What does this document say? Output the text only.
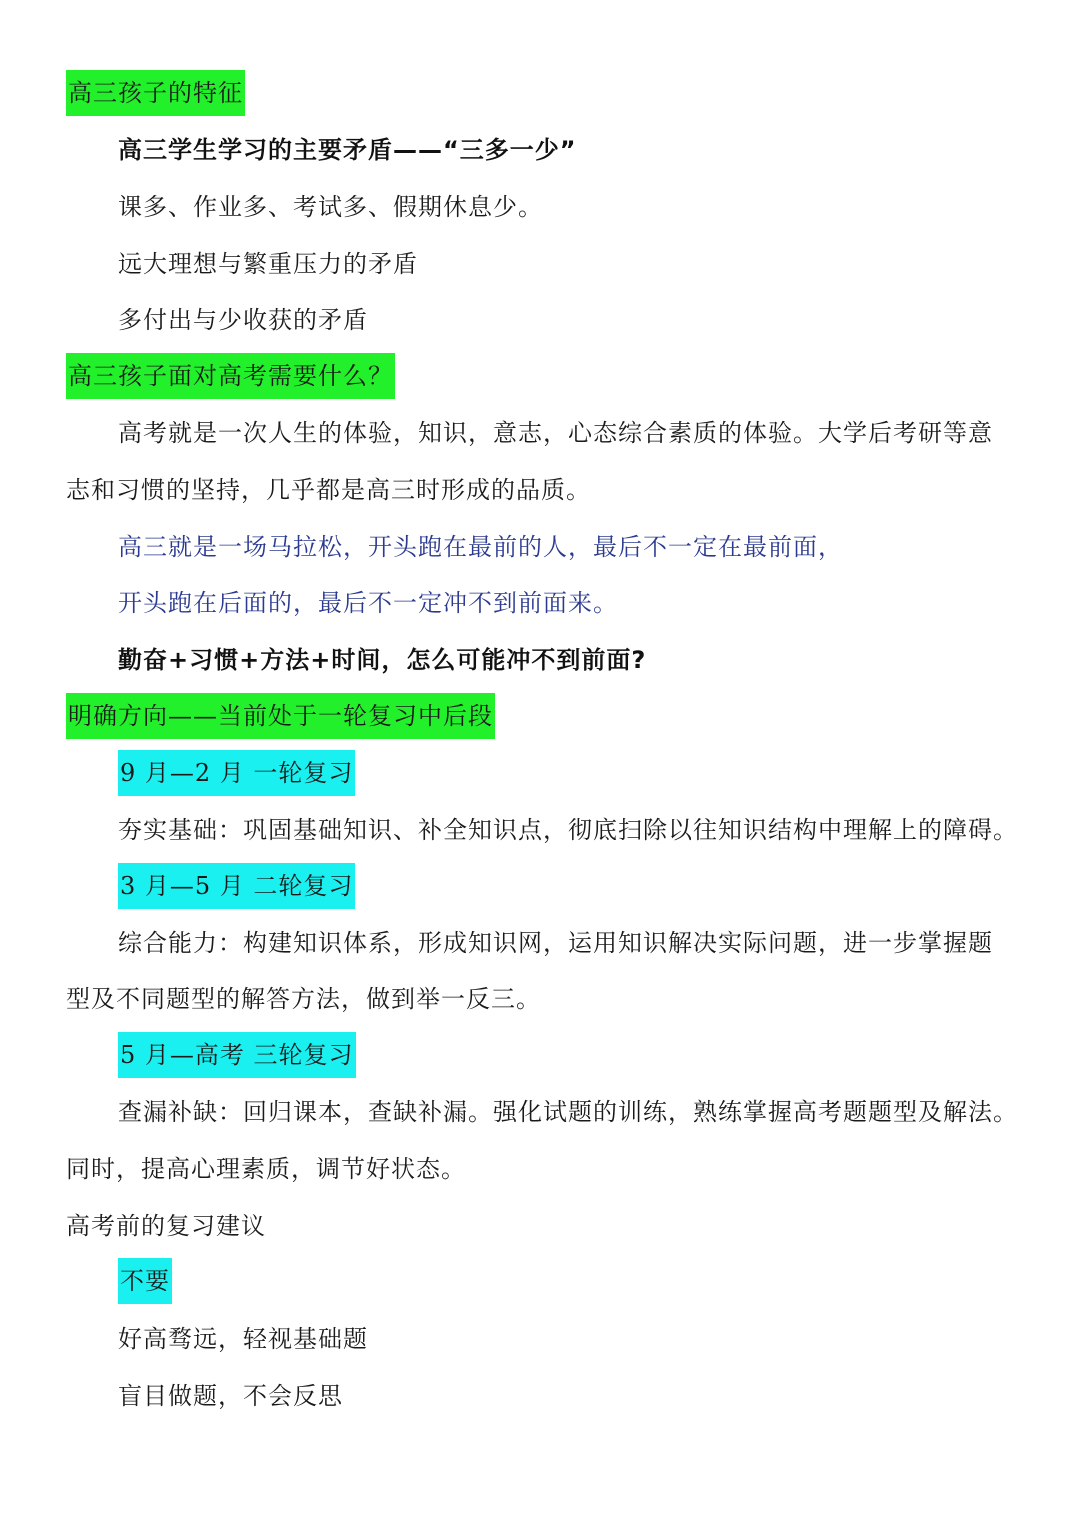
高三孩子的特征
高三学生学习的主要矛盾——“三多一少”
课多、作业多、考试多、假期休息少。
远大理想与繁重压力的矛盾
多付出与少收获的矛盾
高三孩子面对高考需要什么？
高考就是一次人生的体验，知识，意志，心态综合素质的体验。大学后考研等意
志和习惯的坚持，几乎都是高三时形成的品质。
高三就是一场马拉松，开头跑在最前的人，最后不一定在最前面，
开头跑在后面的，最后不一定冲不到前面来。
勤奋+习惯+方法+时间，怎么可能冲不到前面?
明确方向——当前处于一轮复习中后段
9 月—2 月 一轮复习
夯实基础：巩固基础知识、补全知识点，彻底扫除以往知识结构中理解上的障碍。
3 月—5 月 二轮复习
综合能力：构建知识体系，形成知识网，运用知识解决实际问题，进一步掌握题
型及不同题型的解答方法，做到举一反三。
5 月—高考 三轮复习
查漏补缺：回归课本，查缺补漏。强化试题的训练，熟练掌握高考题题型及解法。
同时，提高心理素质，调节好状态。
高考前的复习建议
不要
好高骛远，轻视基础题
盲目做题，不会反思
